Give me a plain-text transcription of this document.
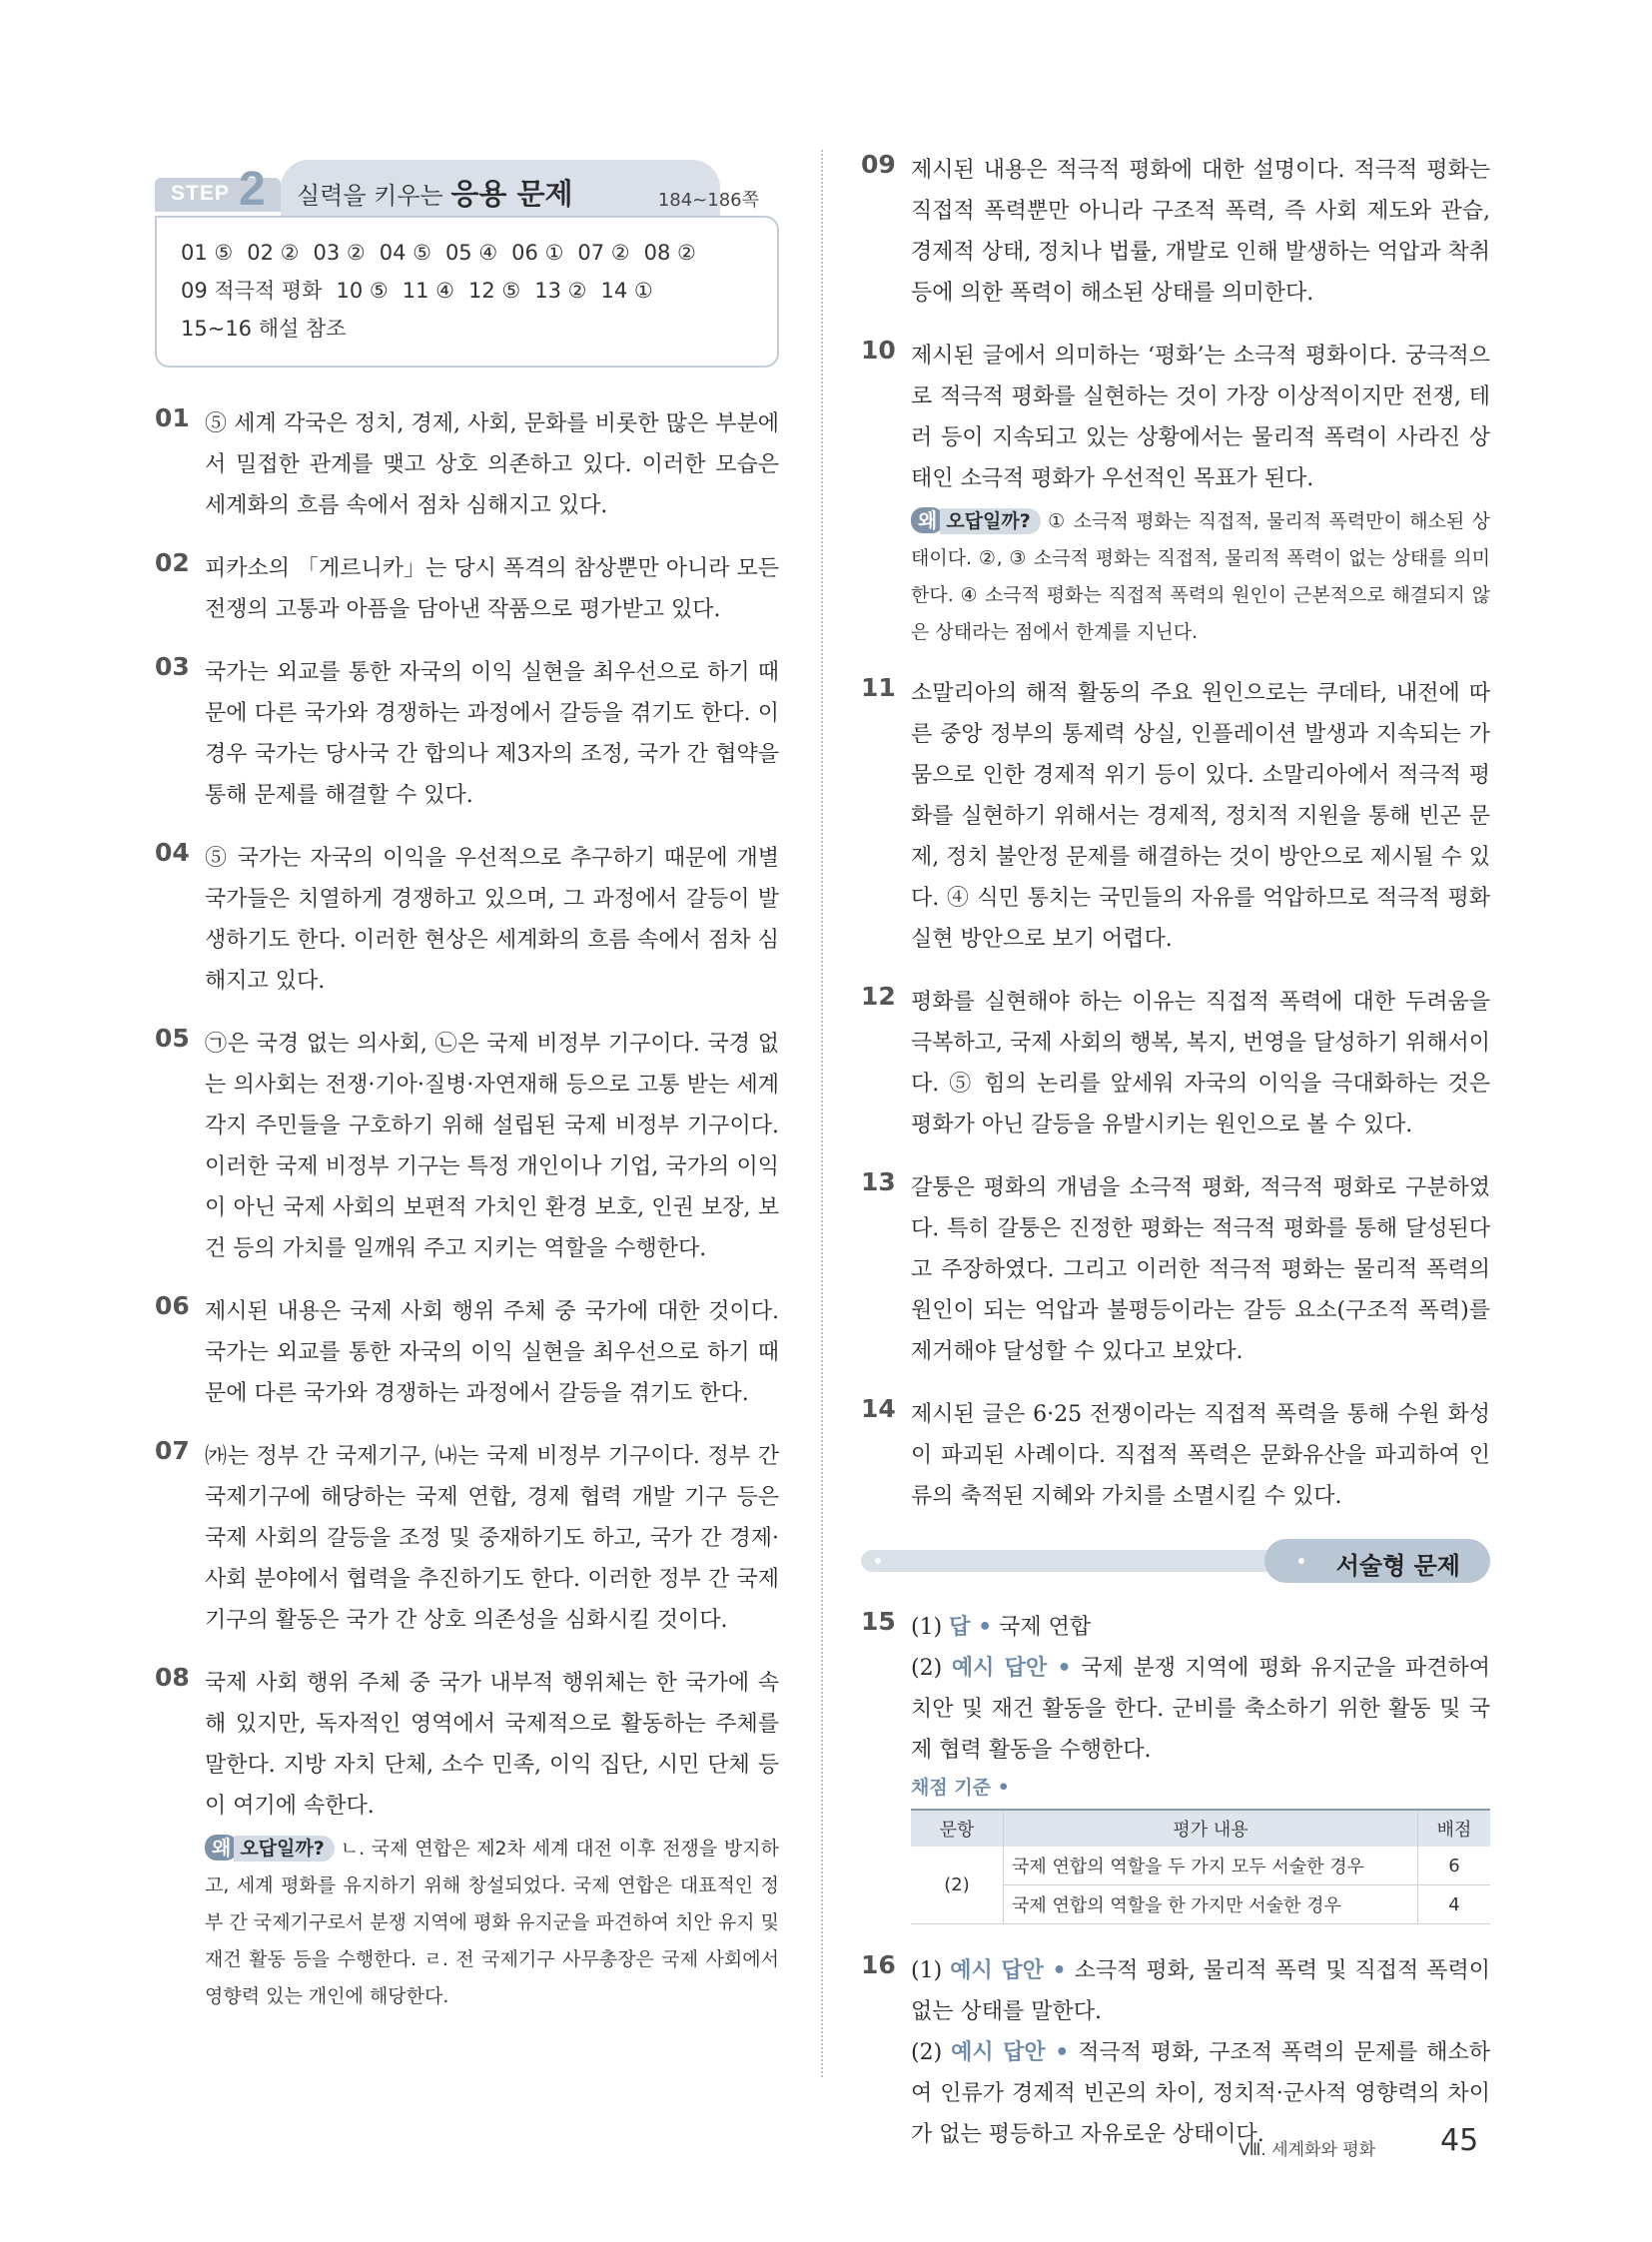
STEP 2 실력을 키우는 응용 문제	184~186쪽
01 ⑤ 02 ② 03 ② 04 ⑤ 05 ④ 06 ① 07 ② 08 ②
09 적극적 평화 10 ⑤ 11 ④ 12 ⑤ 13 ② 14 ①
15~16 해설 참조
01 ⑤ 세계 각국은 정치, 경제, 사회, 문화를 비롯한 많은 부분에서 밀접한 관계를 맺고 상호 의존하고 있다. 이러한 모습은 세계화의 흐름 속에서 점차 심해지고 있다.
02 피카소의 「게르니카」는 당시 폭격의 참상뿐만 아니라 모든 전쟁의 고통과 아픔을 담아낸 작품으로 평가받고 있다.
03 국가는 외교를 통한 자국의 이익 실현을 최우선으로 하기 때문에 다른 국가와 경쟁하는 과정에서 갈등을 겪기도 한다. 이 경우 국가는 당사국 간 합의나 제3자의 조정, 국가 간 협약을 통해 문제를 해결할 수 있다.
04 ⑤ 국가는 자국의 이익을 우선적으로 추구하기 때문에 개별 국가들은 치열하게 경쟁하고 있으며, 그 과정에서 갈등이 발생하기도 한다. 이러한 현상은 세계화의 흐름 속에서 점차 심해지고 있다.
05 ㉠은 국경 없는 의사회, ㉡은 국제 비정부 기구이다. 국경 없는 의사회는 전쟁·기아·질병·자연재해 등으로 고통 받는 세계 각지 주민들을 구호하기 위해 설립된 국제 비정부 기구이다. 이러한 국제 비정부 기구는 특정 개인이나 기업, 국가의 이익이 아닌 국제 사회의 보편적 가치인 환경 보호, 인권 보장, 보건 등의 가치를 일깨워 주고 지키는 역할을 수행한다.
06 제시된 내용은 국제 사회 행위 주체 중 국가에 대한 것이다. 국가는 외교를 통한 자국의 이익 실현을 최우선으로 하기 때문에 다른 국가와 경쟁하는 과정에서 갈등을 겪기도 한다.
07 ㈎는 정부 간 국제기구, ㈏는 국제 비정부 기구이다. 정부 간 국제기구에 해당하는 국제 연합, 경제 협력 개발 기구 등은 국제 사회의 갈등을 조정 및 중재하기도 하고, 국가 간 경제·사회 분야에서 협력을 추진하기도 한다. 이러한 정부 간 국제기구의 활동은 국가 간 상호 의존성을 심화시킬 것이다.
08 국제 사회 행위 주체 중 국가 내부적 행위체는 한 국가에 속해 있지만, 독자적인 영역에서 국제적으로 활동하는 주체를 말한다. 지방 자치 단체, 소수 민족, 이익 집단, 시민 단체 등이 여기에 속한다.
왜 오답일까? ㄴ. 국제 연합은 제2차 세계 대전 이후 전쟁을 방지하고, 세계 평화를 유지하기 위해 창설되었다. 국제 연합은 대표적인 정부 간 국제기구로서 분쟁 지역에 평화 유지군을 파견하여 치안 유지 및 재건 활동 등을 수행한다. ㄹ. 전 국제기구 사무총장은 국제 사회에서 영향력 있는 개인에 해당한다.
09 제시된 내용은 적극적 평화에 대한 설명이다. 적극적 평화는 직접적 폭력뿐만 아니라 구조적 폭력, 즉 사회 제도와 관습, 경제적 상태, 정치나 법률, 개발로 인해 발생하는 억압과 착취 등에 의한 폭력이 해소된 상태를 의미한다.
10 제시된 글에서 의미하는 ‘평화’는 소극적 평화이다. 궁극적으로 적극적 평화를 실현하는 것이 가장 이상적이지만 전쟁, 테러 등이 지속되고 있는 상황에서는 물리적 폭력이 사라진 상태인 소극적 평화가 우선적인 목표가 된다.
왜 오답일까? ① 소극적 평화는 직접적, 물리적 폭력만이 해소된 상태이다. ②, ③ 소극적 평화는 직접적, 물리적 폭력이 없는 상태를 의미한다. ④ 소극적 평화는 직접적 폭력의 원인이 근본적으로 해결되지 않은 상태라는 점에서 한계를 지닌다.
11 소말리아의 해적 활동의 주요 원인으로는 쿠데타, 내전에 따른 중앙 정부의 통제력 상실, 인플레이션 발생과 지속되는 가뭄으로 인한 경제적 위기 등이 있다. 소말리아에서 적극적 평화를 실현하기 위해서는 경제적, 정치적 지원을 통해 빈곤 문제, 정치 불안정 문제를 해결하는 것이 방안으로 제시될 수 있다. ④ 식민 통치는 국민들의 자유를 억압하므로 적극적 평화 실현 방안으로 보기 어렵다.
12 평화를 실현해야 하는 이유는 직접적 폭력에 대한 두려움을 극복하고, 국제 사회의 행복, 복지, 번영을 달성하기 위해서이다. ⑤ 힘의 논리를 앞세워 자국의 이익을 극대화하는 것은 평화가 아닌 갈등을 유발시키는 원인으로 볼 수 있다.
13 갈퉁은 평화의 개념을 소극적 평화, 적극적 평화로 구분하였다. 특히 갈퉁은 진정한 평화는 적극적 평화를 통해 달성된다고 주장하였다. 그리고 이러한 적극적 평화는 물리적 폭력의 원인이 되는 억압과 불평등이라는 갈등 요소(구조적 폭력)를 제거해야 달성할 수 있다고 보았다.
14 제시된 글은 6·25 전쟁이라는 직접적 폭력을 통해 수원 화성이 파괴된 사례이다. 직접적 폭력은 문화유산을 파괴하여 인류의 축적된 지혜와 가치를 소멸시킬 수 있다.
서술형 문제
15 (1) 답 • 국제 연합

(2) 예시 답안 • 국제 분쟁 지역에 평화 유지군을 파견하여 치안 및 재건 활동을 한다. 군비를 축소하기 위한 활동 및 국제 협력 활동을 수행한다.

채점 기준 •
문항	평가 내용	배점
(2)	국제 연합의 역할을 두 가지 모두 서술한 경우	6
	국제 연합의 역할을 한 가지만 서술한 경우	4
16 (1) 예시 답안 • 소극적 평화, 물리적 폭력 및 직접적 폭력이 없는 상태를 말한다.

(2) 예시 답안 • 적극적 평화, 구조적 폭력의 문제를 해소하여 인류가 경제적 빈곤의 차이, 정치적·군사적 영향력의 차이가 없는 평등하고 자유로운 상태이다.

Ⅷ. 세계화와 평화 45
